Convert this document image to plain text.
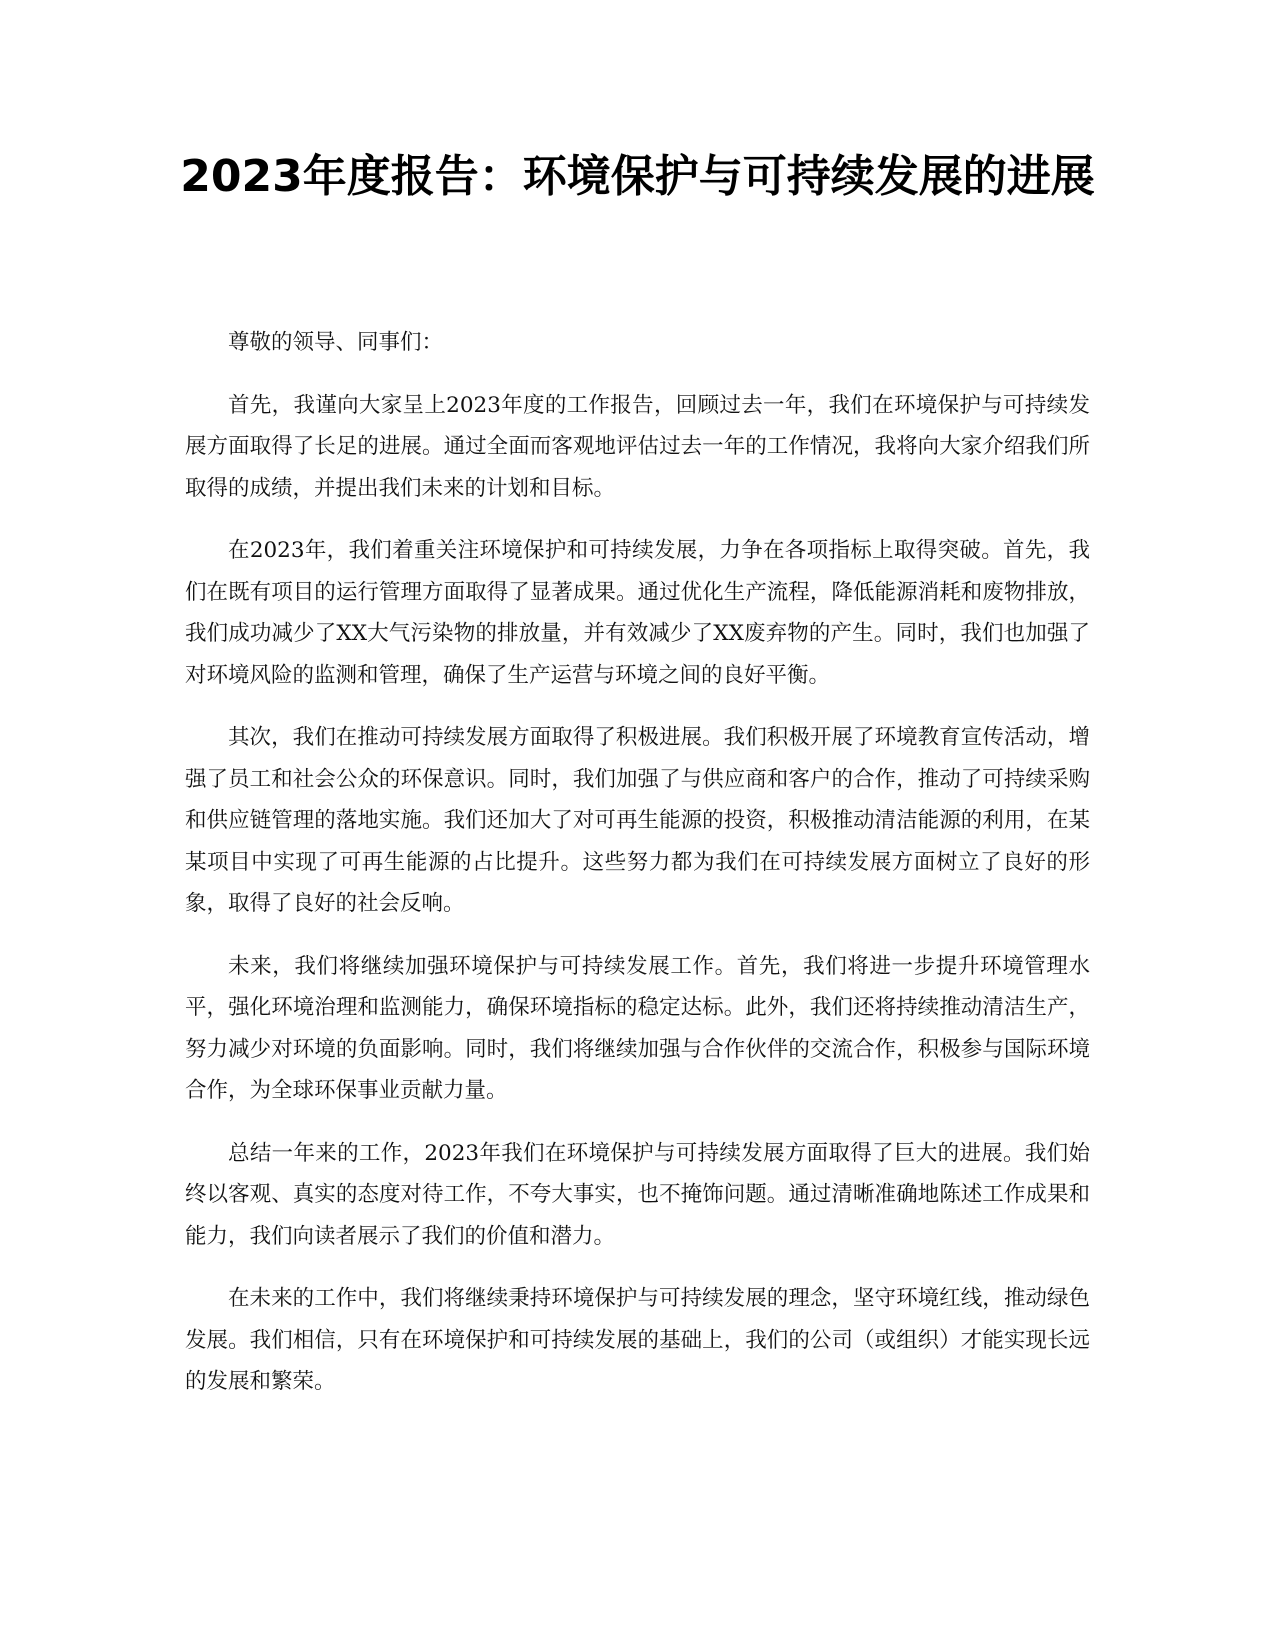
2023年度报告：环境保护与可持续发展的进展

尊敬的领导、同事们：

首先，我谨向大家呈上2023年度的工作报告，回顾过去一年，我们在环境保护与可持续发展方面取得了长足的进展。通过全面而客观地评估过去一年的工作情况，我将向大家介绍我们所取得的成绩，并提出我们未来的计划和目标。

在2023年，我们着重关注环境保护和可持续发展，力争在各项指标上取得突破。首先，我们在既有项目的运行管理方面取得了显著成果。通过优化生产流程，降低能源消耗和废物排放，我们成功减少了XX大气污染物的排放量，并有效减少了XX废弃物的产生。同时，我们也加强了对环境风险的监测和管理，确保了生产运营与环境之间的良好平衡。

其次，我们在推动可持续发展方面取得了积极进展。我们积极开展了环境教育宣传活动，增强了员工和社会公众的环保意识。同时，我们加强了与供应商和客户的合作，推动了可持续采购和供应链管理的落地实施。我们还加大了对可再生能源的投资，积极推动清洁能源的利用，在某某项目中实现了可再生能源的占比提升。这些努力都为我们在可持续发展方面树立了良好的形象，取得了良好的社会反响。

未来，我们将继续加强环境保护与可持续发展工作。首先，我们将进一步提升环境管理水平，强化环境治理和监测能力，确保环境指标的稳定达标。此外，我们还将持续推动清洁生产，努力减少对环境的负面影响。同时，我们将继续加强与合作伙伴的交流合作，积极参与国际环境合作，为全球环保事业贡献力量。

总结一年来的工作，2023年我们在环境保护与可持续发展方面取得了巨大的进展。我们始终以客观、真实的态度对待工作，不夸大事实，也不掩饰问题。通过清晰准确地陈述工作成果和能力，我们向读者展示了我们的价值和潜力。

在未来的工作中，我们将继续秉持环境保护与可持续发展的理念，坚守环境红线，推动绿色发展。我们相信，只有在环境保护和可持续发展的基础上，我们的公司（或组织）才能实现长远的发展和繁荣。
